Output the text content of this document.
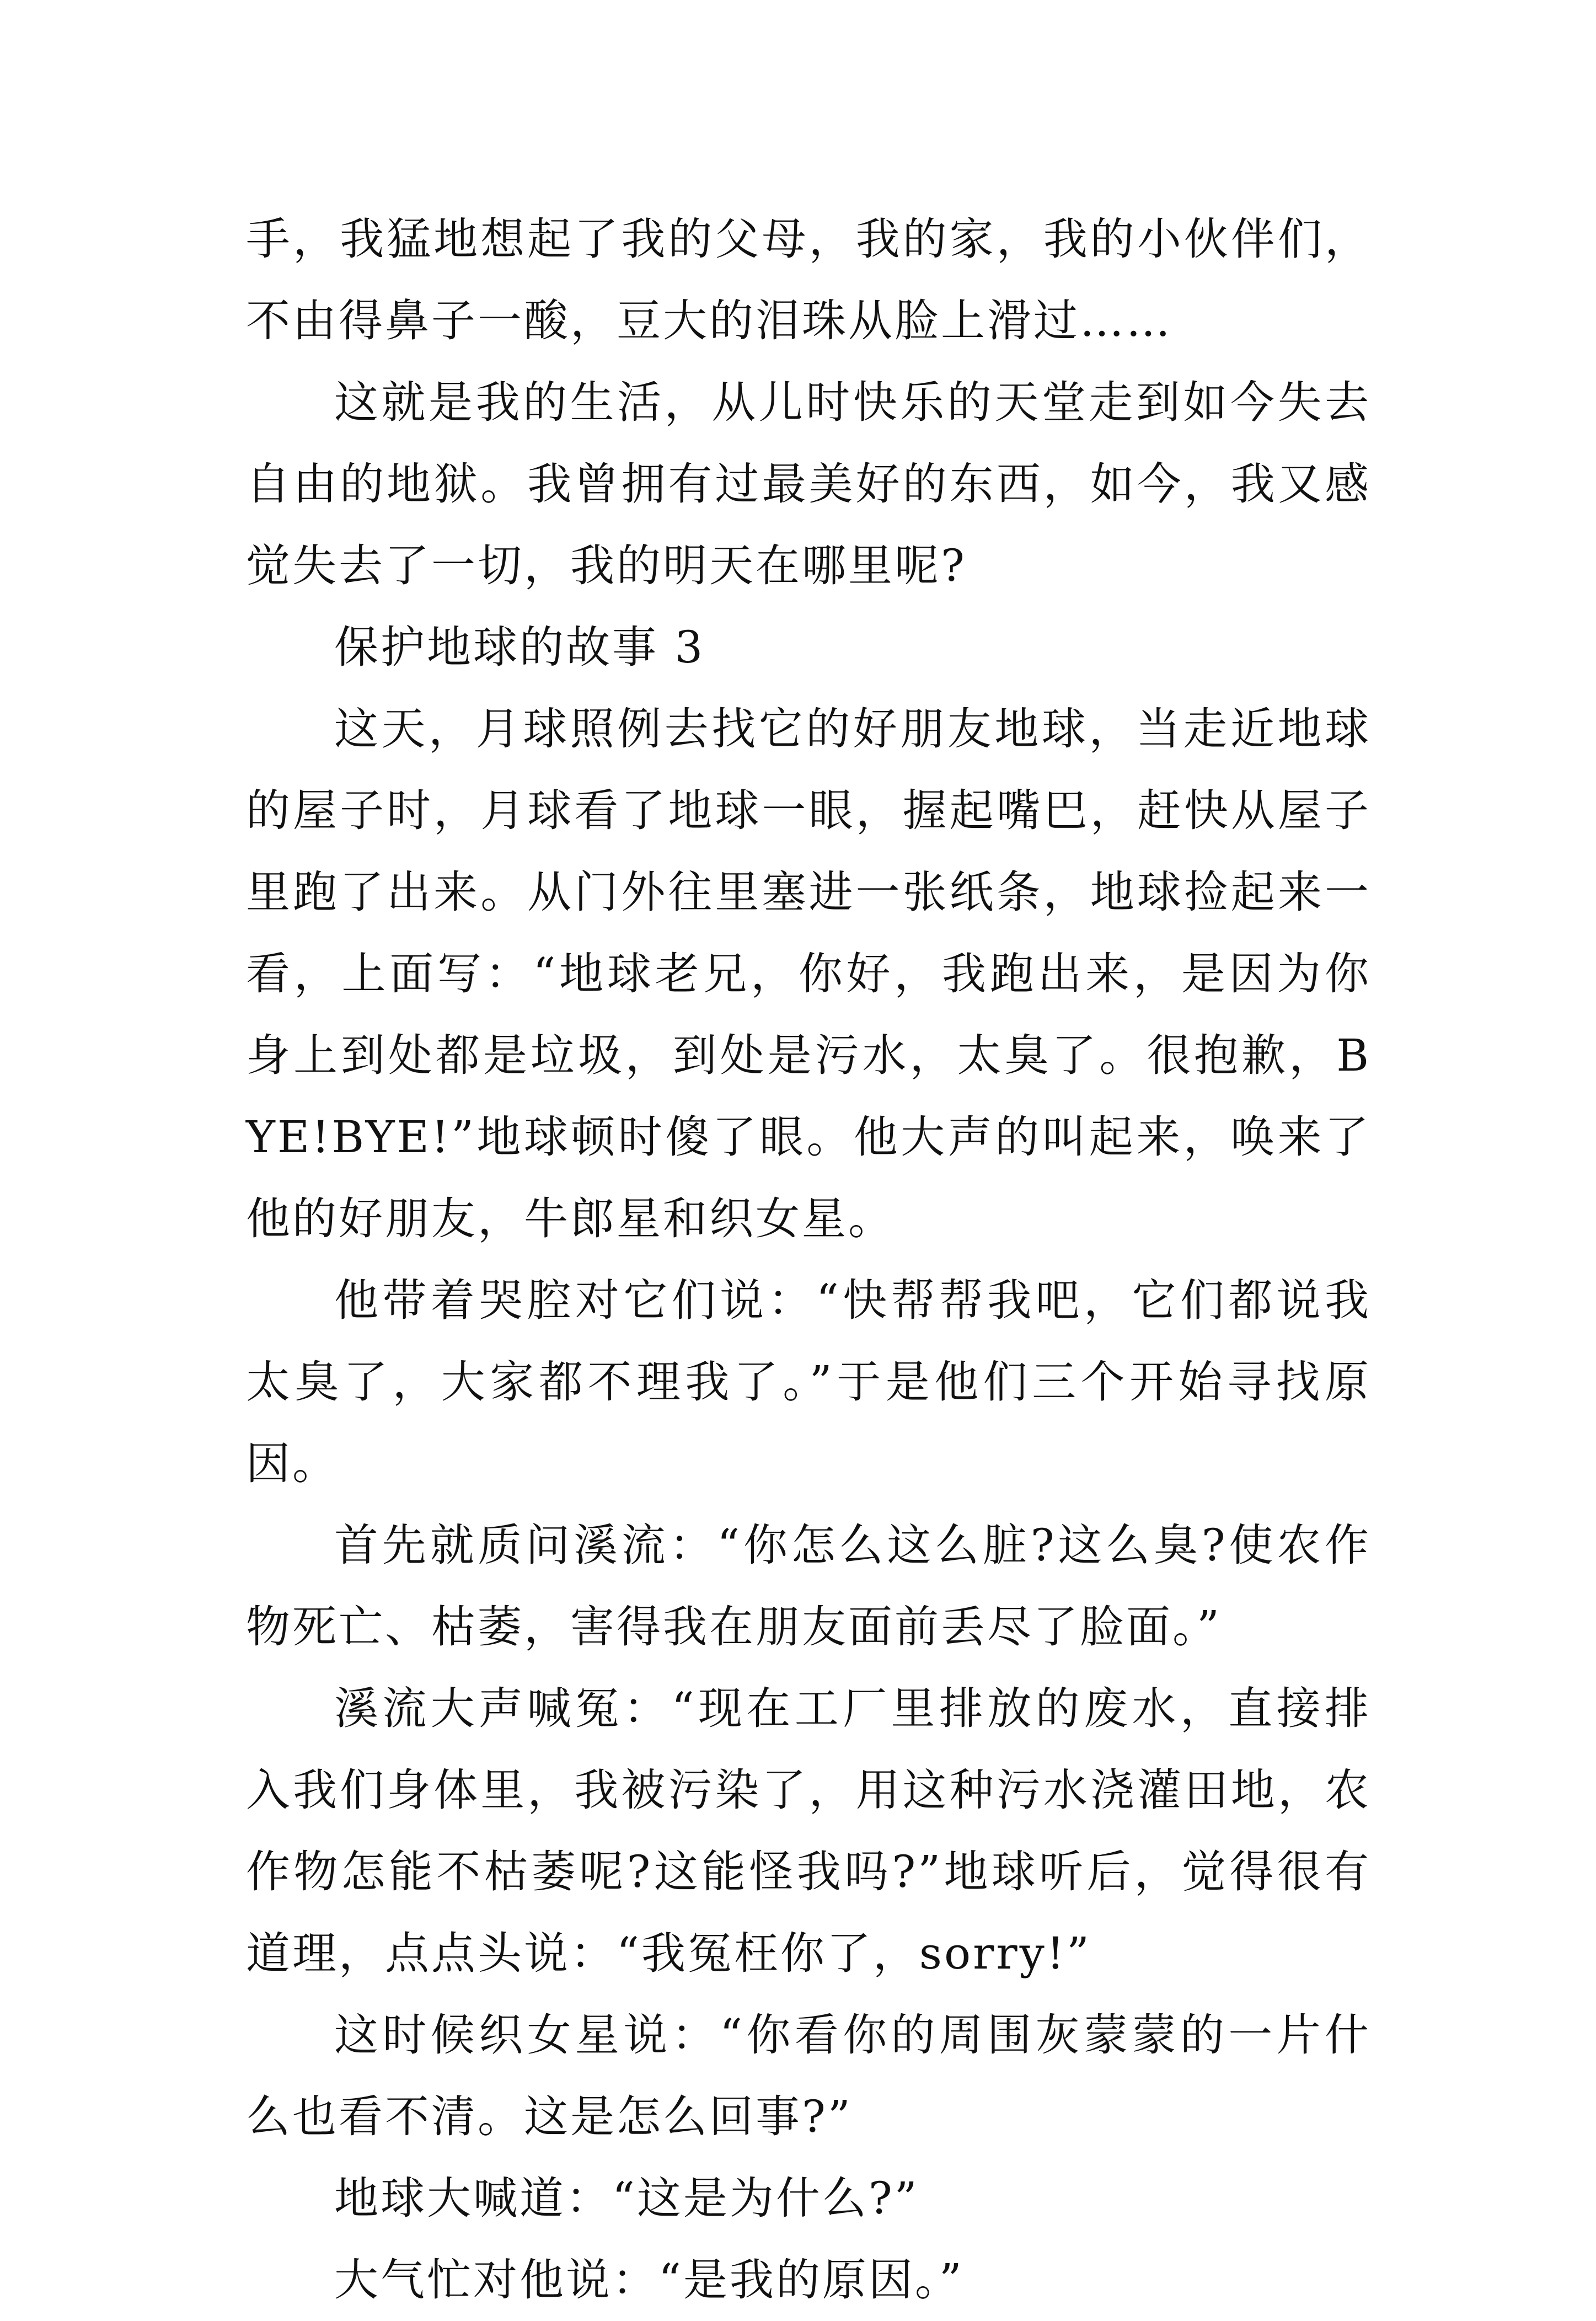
手，我猛地想起了我的父母，我的家，我的小伙伴们，不由得鼻子一酸，豆大的泪珠从脸上滑过……

这就是我的生活，从儿时快乐的天堂走到如今失去自由的地狱。我曾拥有过最美好的东西，如今，我又感觉失去了一切，我的明天在哪里呢?

保护地球的故事 3

这天，月球照例去找它的好朋友地球，当走近地球的屋子时，月球看了地球一眼，握起嘴巴，赶快从屋子里跑了出来。从门外往里塞进一张纸条，地球捡起来一看，上面写：“地球老兄，你好，我跑出来，是因为你身上到处都是垃圾，到处是污水，太臭了。很抱歉，BYE!BYE!”地球顿时傻了眼。他大声的叫起来，唤来了他的好朋友，牛郎星和织女星。

他带着哭腔对它们说：“快帮帮我吧，它们都说我太臭了，大家都不理我了。”于是他们三个开始寻找原因。

首先就质问溪流：“你怎么这么脏?这么臭?使农作物死亡、枯萎，害得我在朋友面前丢尽了脸面。”

溪流大声喊冤：“现在工厂里排放的废水，直接排入我们身体里，我被污染了，用这种污水浇灌田地，农作物怎能不枯萎呢?这能怪我吗?”地球听后，觉得很有道理，点点头说：“我冤枉你了，sorry!”

这时候织女星说：“你看你的周围灰蒙蒙的一片什么也看不清。这是怎么回事?”

地球大喊道：“这是为什么?”

大气忙对他说：“是我的原因。”
